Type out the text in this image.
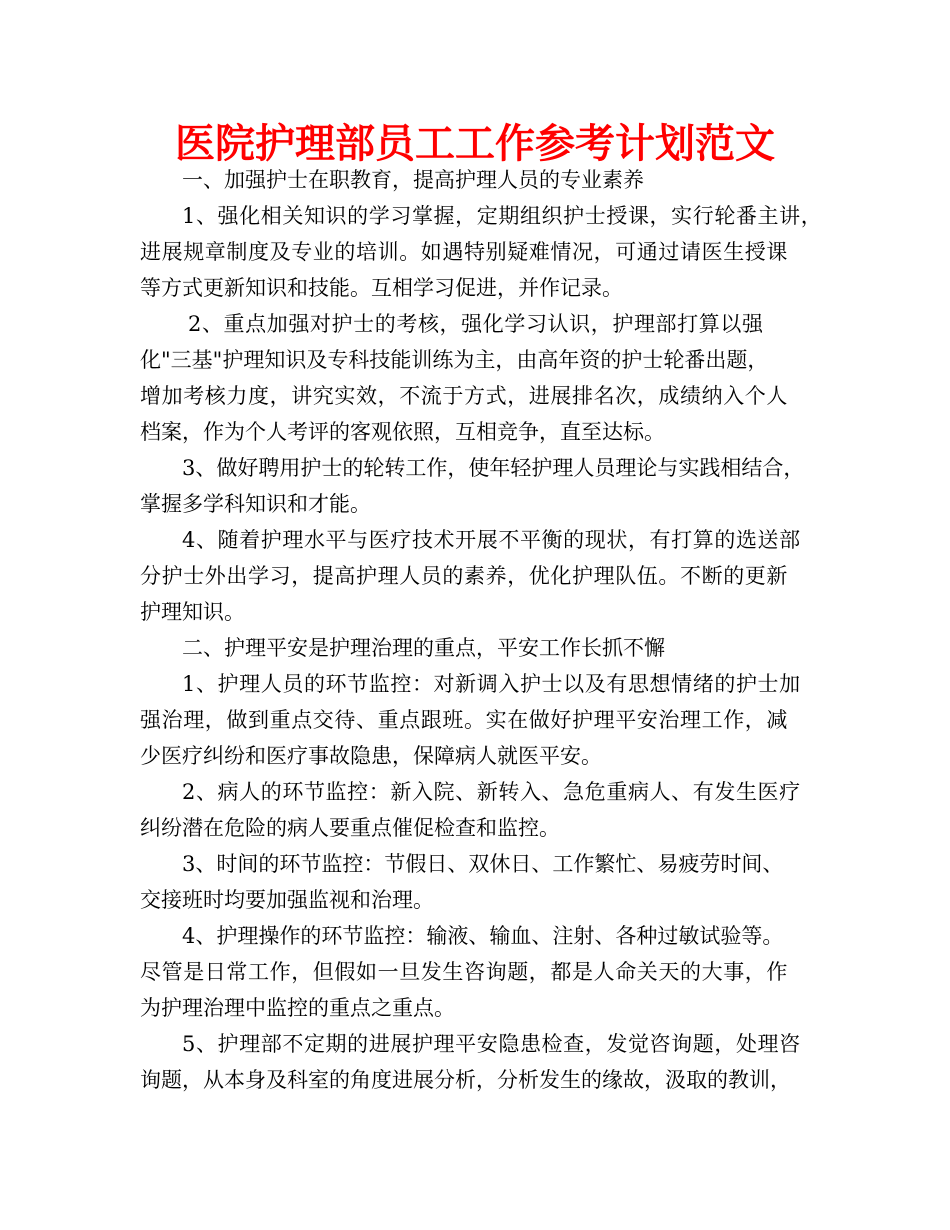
医院护理部员工工作参考计划范文
一、加强护士在职教育，提高护理人员的专业素养
1、强化相关知识的学习掌握，定期组织护士授课，实行轮番主讲，
进展规章制度及专业的培训。如遇特别疑难情况，可通过请医生授课
等方式更新知识和技能。互相学习促进，并作记录。
2、重点加强对护士的考核，强化学习认识，护理部打算以强
化"三基"护理知识及专科技能训练为主，由高年资的护士轮番出题，
增加考核力度，讲究实效，不流于方式，进展排名次，成绩纳入个人
档案，作为个人考评的客观依照，互相竞争，直至达标。
3、做好聘用护士的轮转工作，使年轻护理人员理论与实践相结合，
掌握多学科知识和才能。
4、随着护理水平与医疗技术开展不平衡的现状，有打算的选送部
分护士外出学习，提高护理人员的素养，优化护理队伍。不断的更新
护理知识。
二、护理平安是护理治理的重点，平安工作长抓不懈
1、护理人员的环节监控：对新调入护士以及有思想情绪的护士加
强治理，做到重点交待、重点跟班。实在做好护理平安治理工作，减
少医疗纠纷和医疗事故隐患，保障病人就医平安。
2、病人的环节监控：新入院、新转入、急危重病人、有发生医疗
纠纷潜在危险的病人要重点催促检查和监控。
3、时间的环节监控：节假日、双休日、工作繁忙、易疲劳时间、
交接班时均要加强监视和治理。
4、护理操作的环节监控：输液、输血、注射、各种过敏试验等。
尽管是日常工作，但假如一旦发生咨询题，都是人命关天的大事，作
为护理治理中监控的重点之重点。
5、护理部不定期的进展护理平安隐患检查，发觉咨询题，处理咨
询题，从本身及科室的角度进展分析，分析发生的缘故，汲取的教训，
